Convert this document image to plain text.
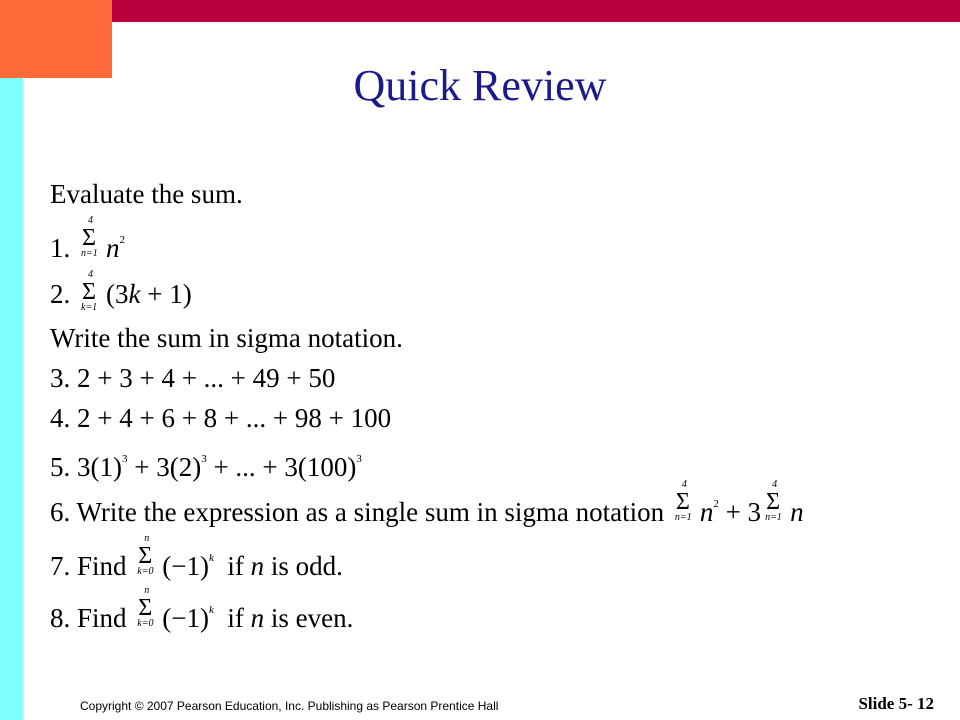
Quick Review
Evaluate the sum.
1.
4
Σ
n=1 $n^2$
2.
4
Σ
k=1 (3k + 1)
Write the sum in sigma notation.
3. 2 + 3 + 4 + ... + 49 + 50
4. 2 + 4 + 6 + 8 + ... + 98 + 100
5. $3(1)^3 + 3(2)^3$ + ... + $3(100)^3$
6. Write the expression as a single sum in sigma notation
4
Σ
n=1 $n^2 + 3$
4
Σ
n=1 n
7. Find
n
Σ
k=0 $(-1)^k$  if n is odd.
8. Find
n
Σ
k=0 $(-1)^k$  if n is even.
Copyright © 2007 Pearson Education, Inc. Publishing as Pearson Prentice Hall	Slide 5- 12
